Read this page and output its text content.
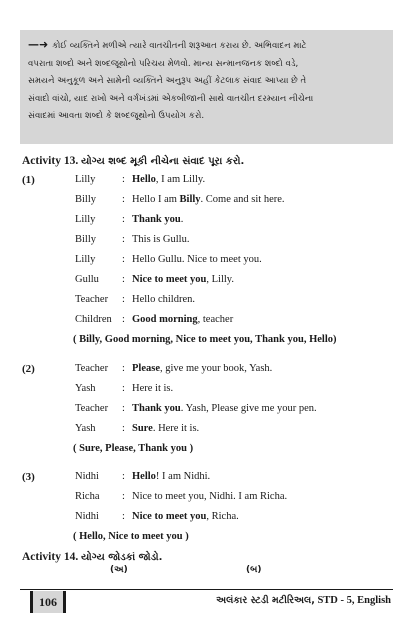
—➜ કોઈ વ્યક્તિને મળીએ ત્યારે વાતચીતની શરૂઆત કરાય છે. અભિવાદન માટે
વપરાતા શબ્દો અને શબ્દજૂથોનો પરિચય મેળવો. માન્ય સન્માનજનક શબ્દો વડે,
સમયને અનુકૂળ અને સામેની વ્યક્તિને અનુરૂપ અહીં કેટલાક સંવાદ આપ્યા છે તે
સંવાદો વાંચો, યાદ રાખો અને વર્ગખંડમાં એકબીજાની સાથે વાતચીત દરમ્યાન નીચેના
સંવાદમાં આવતા શબ્દો કે શબ્દજૂથોનો ઉપયોગ કરો.
Activity 13. યોગ્ય શબ્દ મૂકી નીચેના સંવાદ પૂરા કરો.
(1)	Lilly	: Hello, I am Lilly.
Billy : Hello I am Billy. Come and sit here.
Lilly	: Thank you.
Billy : This is Gullu.
Lilly	: Hello Gullu. Nice to meet you.
Gullu : Nice to meet you, Lilly.
Teacher : Hello children.
Children : Good morning, teacher
( Billy, Good morning, Nice to meet you, Thank you, Hello)
(2)	Teacher : Please, give me your book, Yash.
Yash	: Here it is.
Teacher : Thank you. Yash, Please give me your pen.
Yash	: Sure. Here it is.
( Sure, Please, Thank you )
(3)	Nidhi : Hello! I am Nidhi.
Richa : Nice to meet you, Nidhi. I am Richa.
Nidhi : Nice to meet you, Richa.
( Hello, Nice to meet you )
Activity 14. યોગ્ય જોડકાં જોડો.
(અ)	(બ)
106	અલંકાર સ્ટડી મટીરિઅલ, STD - 5, English
